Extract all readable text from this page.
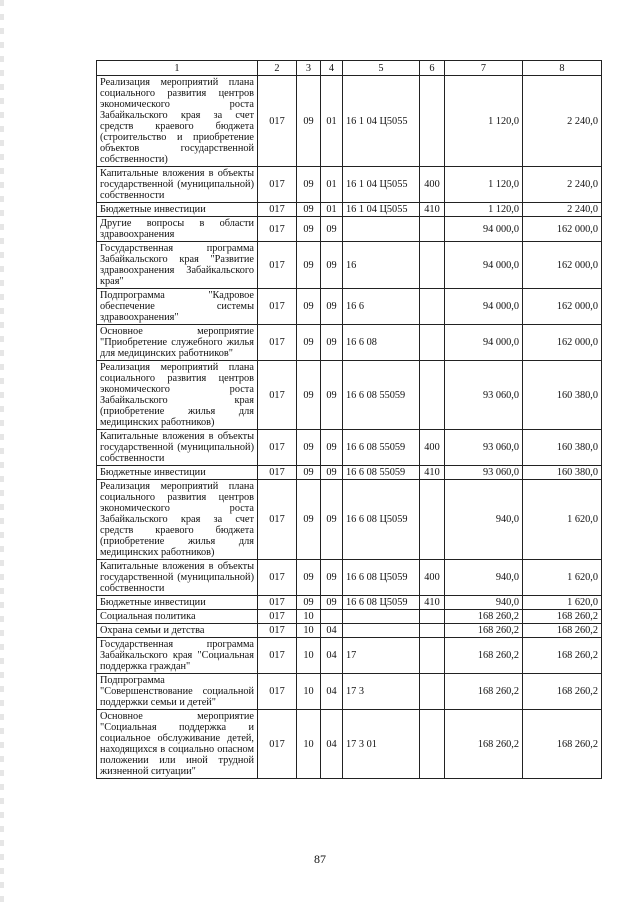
1	2	3	4	5	6	7	8
Реализация мероприятий плана социального развития центров экономического роста Забайкальского края за счет средств краевого бюджета (строительство и приобретение объектов государственной собственности)	017	09	01	16 1 04 Ц5055		1 120,0	2 240,0
Капитальные вложения в объекты государственной (муниципальной) собственности	017	09	01	16 1 04 Ц5055	400	1 120,0	2 240,0
Бюджетные инвестиции	017	09	01	16 1 04 Ц5055	410	1 120,0	2 240,0
Другие вопросы в области здравоохранения	017	09	09			94 000,0	162 000,0
Государственная программа Забайкальского края "Развитие здравоохранения Забайкальского края"	017	09	09	16		94 000,0	162 000,0
Подпрограмма "Кадровое обеспечение системы здравоохранения"	017	09	09	16 6		94 000,0	162 000,0
Основное мероприятие "Приобретение служебного жилья для медицинских работников"	017	09	09	16 6 08		94 000,0	162 000,0
Реализация мероприятий плана социального развития центров экономического роста Забайкальского края (приобретение жилья для медицинских работников)	017	09	09	16 6 08 55059		93 060,0	160 380,0
Капитальные вложения в объекты государственной (муниципальной) собственности	017	09	09	16 6 08 55059	400	93 060,0	160 380,0
Бюджетные инвестиции	017	09	09	16 6 08 55059	410	93 060,0	160 380,0
Реализация мероприятий плана социального развития центров экономического роста Забайкальского края за счет средств краевого бюджета (приобретение жилья для медицинских работников)	017	09	09	16 6 08 Ц5059		940,0	1 620,0
Капитальные вложения в объекты государственной (муниципальной) собственности	017	09	09	16 6 08 Ц5059	400	940,0	1 620,0
Бюджетные инвестиции	017	09	09	16 6 08 Ц5059	410	940,0	1 620,0
Социальная политика	017	10				168 260,2	168 260,2
Охрана семьи и детства	017	10	04			168 260,2	168 260,2
Государственная программа Забайкальского края "Социальная поддержка граждан"	017	10	04	17		168 260,2	168 260,2
Подпрограмма "Совершенствование социальной поддержки семьи и детей"	017	10	04	17 3		168 260,2	168 260,2
Основное мероприятие "Социальная поддержка и социальное обслуживание детей, находящихся в социально опасном положении или иной трудной жизненной ситуации"	017	10	04	17 3 01		168 260,2	168 260,2
87
